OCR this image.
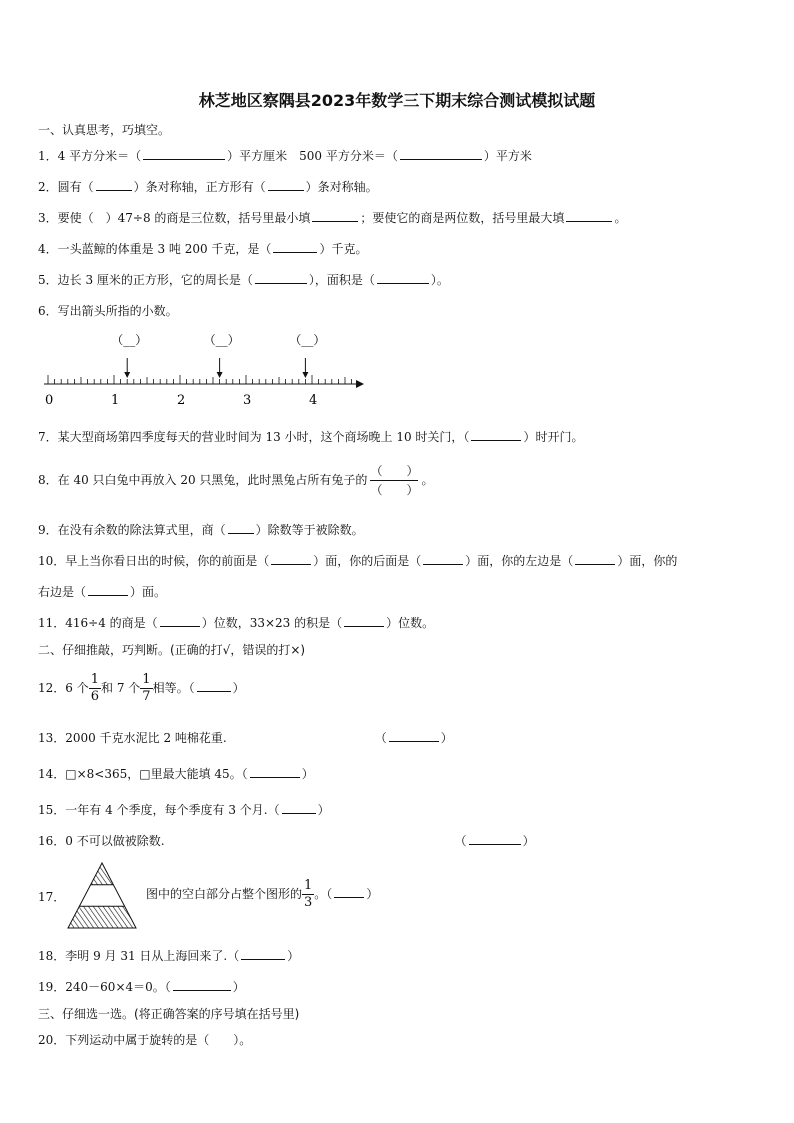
林芝地区察隅县2023年数学三下期末综合测试模拟试题
一、认真思考，巧填空。
1．4 平方分米＝（	）平方厘米　500 平方分米＝（	）平方米
2．圆有（	）条对称轴，正方形有（	）条对称轴。
3．要使（　）47÷8 的商是三位数，括号里最小填	；要使它的商是两位数，括号里最大填	。
4．一头蓝鲸的体重是 3 吨 200 千克，是（	）千克。
5．边长 3 厘米的正方形，它的周长是（	），面积是（	）。
6．写出箭头所指的小数。
0	1	2	3	4
（__）	（__）	（__）
7．某大型商场第四季度每天的营业时间为 13 小时，这个商场晚上 10 时关门，（	）时开门。
8．在 40 只白兔中再放入 20 只黑兔，此时黑兔占所有兔子的
（　　）
（　　）
。
9．在没有余数的除法算式里，商（	）除数等于被除数。
10．早上当你看日出的时候，你的前面是（	）面，你的后面是（	）面，你的左边是（	）面，你的
右边是（	）面。
11．416÷4 的商是（	）位数，33×23 的积是（	）位数。
二、仔细推敲，巧判断。(正确的打√，错误的打×)
12．6 个 $\frac{1}{6}$ 和 7 个 $\frac{1}{7}$ 相等。（	）
13．2000 千克水泥比 2 吨棉花重.	（	）
14．□×8<365，□里最大能填 45。（	）
15．一年有 4 个季度，每个季度有 3 个月.（	）
16．0 不可以做被除数.	（	）
17．	图中的空白部分占整个图形的 $\frac{1}{3}$ 。（	）
18．李明 9 月 31 日从上海回来了.（	）
19．240－60×4＝0。（	）
三、仔细选一选。(将正确答案的序号填在括号里)
20．下列运动中属于旋转的是（　　）。
